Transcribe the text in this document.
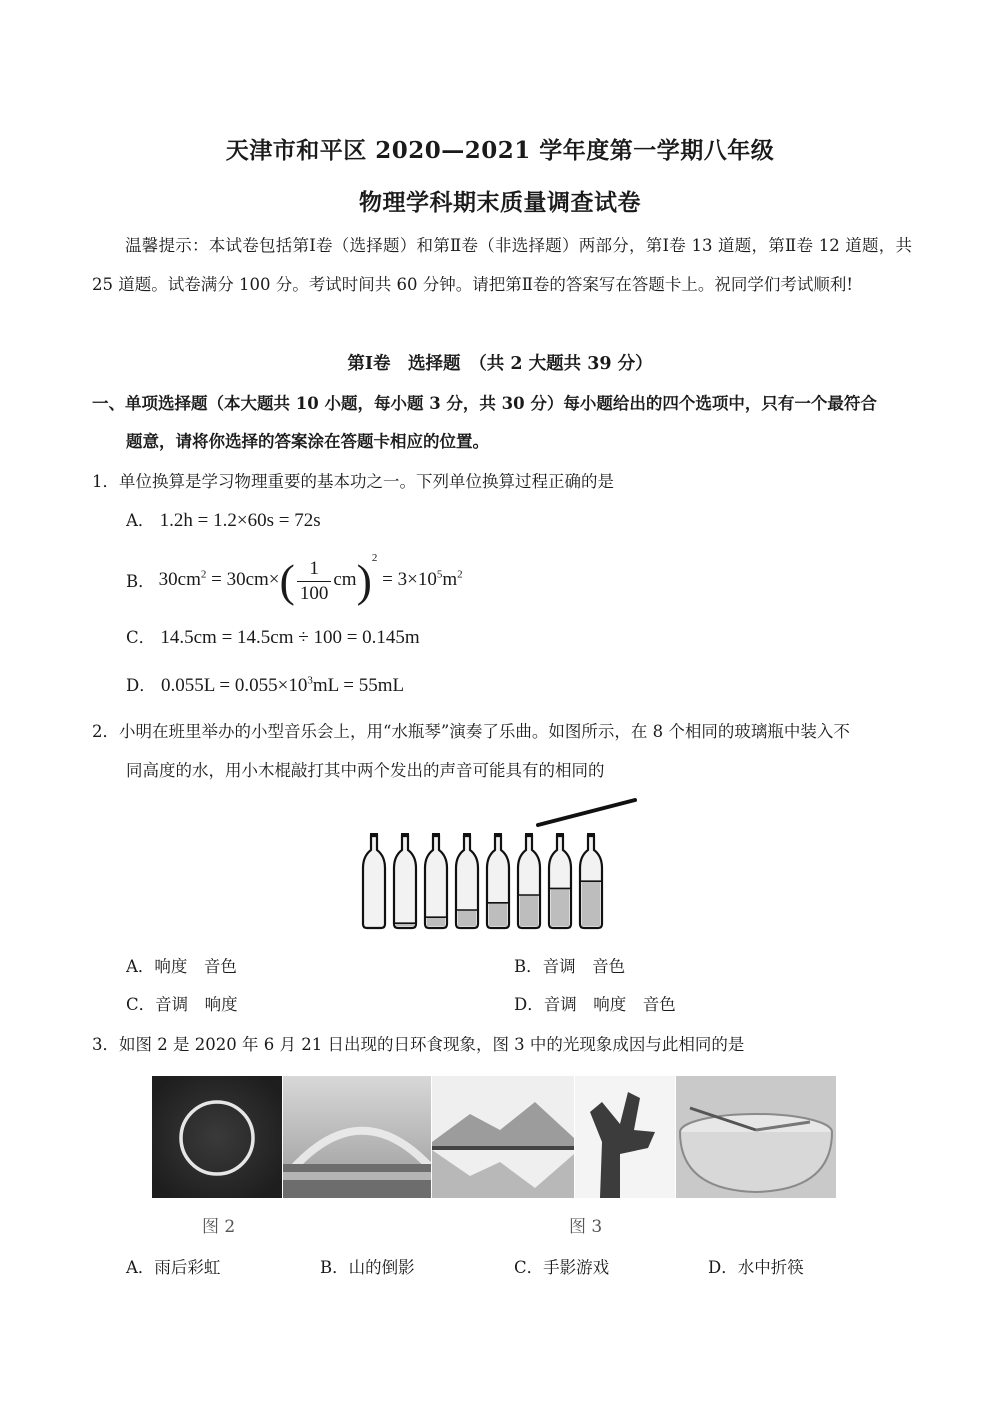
天津市和平区 2020—2021 学年度第一学期八年级
物理学科期末质量调查试卷
温馨提示：本试卷包括第Ⅰ卷（选择题）和第Ⅱ卷（非选择题）两部分，第Ⅰ卷 13 道题，第Ⅱ卷 12 道题，共 25 道题。试卷满分 100 分。考试时间共 60 分钟。请把第Ⅱ卷的答案写在答题卡上。祝同学们考试顺利!
第Ⅰ卷　选择题　（共 2 大题共 39 分）
一、单项选择题（本大题共 10 小题，每小题 3 分，共 30 分）每小题给出的四个选项中，只有一个最符合
题意，请将你选择的答案涂在答题卡相应的位置。
1．单位换算是学习物理重要的基本功之一。下列单位换算过程正确的是
A． 1.2h = 1.2×60s = 72s
B． $30cm^2 = 30cm\times( \frac{1}{100} cm)^2 = 3\times 10^5m^2$
C． 14.5cm = 14.5cm ÷ 100 = 0.145m
D． $0.055L = 0.055\times 10^3mL = 55mL$
2．小明在班里举办的小型音乐会上，用“水瓶琴”演奏了乐曲。如图所示，在 8 个相同的玻璃瓶中装入不
同高度的水，用小木棍敲打其中两个发出的声音可能具有的相同的
A．响度　音色	B．音调　音色
C．音调　响度	D．音调　响度　音色
3．如图 2 是 2020 年 6 月 21 日出现的日环食现象，图 3 中的光现象成因与此相同的是
图 2	图 3
A．雨后彩虹	B．山的倒影	C．手影游戏	D．水中折筷
